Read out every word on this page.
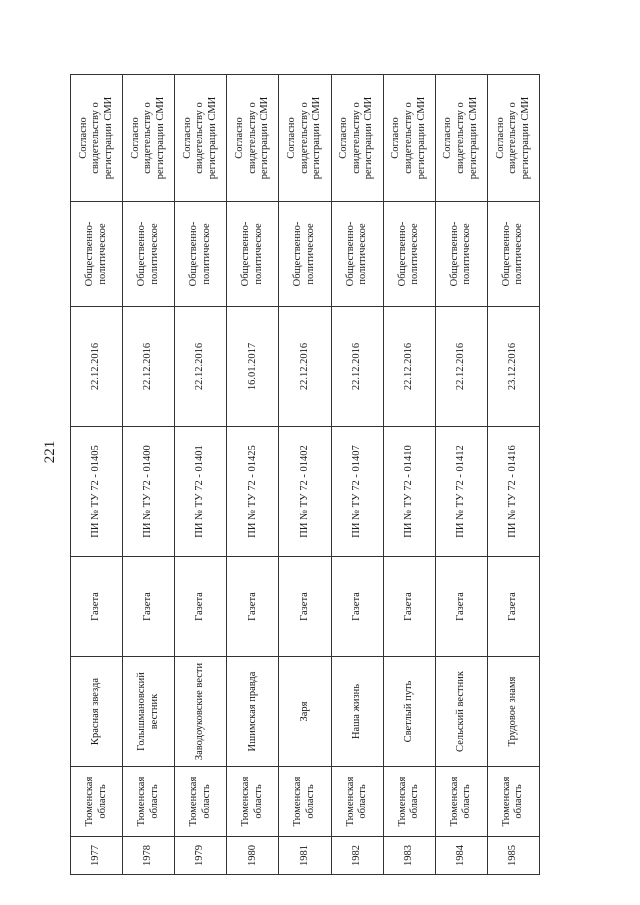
221
1977	Тюменская
область	Красная звезда	Газета	ПИ № ТУ 72 - 01405	22.12.2016	Общественно-
политическое	Согласно
свидетельству о
регистрации СМИ
1978	Тюменская
область	Голышмановский вестник	Газета	ПИ № ТУ 72 - 01400	22.12.2016	Общественно-
политическое	Согласно
свидетельству о
регистрации СМИ
1979	Тюменская
область	Заводоуковские вести	Газета	ПИ № ТУ 72 - 01401	22.12.2016	Общественно-
политическое	Согласно
свидетельству о
регистрации СМИ
1980	Тюменская
область	Ишимская правда	Газета	ПИ № ТУ 72 - 01425	16.01.2017	Общественно-
политическое	Согласно
свидетельству о
регистрации СМИ
1981	Тюменская
область	Заря	Газета	ПИ № ТУ 72 - 01402	22.12.2016	Общественно-
политическое	Согласно
свидетельству о
регистрации СМИ
1982	Тюменская
область	Наша жизнь	Газета	ПИ № ТУ 72 - 01407	22.12.2016	Общественно-
политическое	Согласно
свидетельству о
регистрации СМИ
1983	Тюменская
область	Светлый путь	Газета	ПИ № ТУ 72 - 01410	22.12.2016	Общественно-
политическое	Согласно
свидетельству о
регистрации СМИ
1984	Тюменская
область	Сельский вестник	Газета	ПИ № ТУ 72 - 01412	22.12.2016	Общественно-
политическое	Согласно
свидетельству о
регистрации СМИ
1985	Тюменская
область	Трудовое знамя	Газета	ПИ № ТУ 72 - 01416	23.12.2016	Общественно-
политическое	Согласно
свидетельству о
регистрации СМИ
